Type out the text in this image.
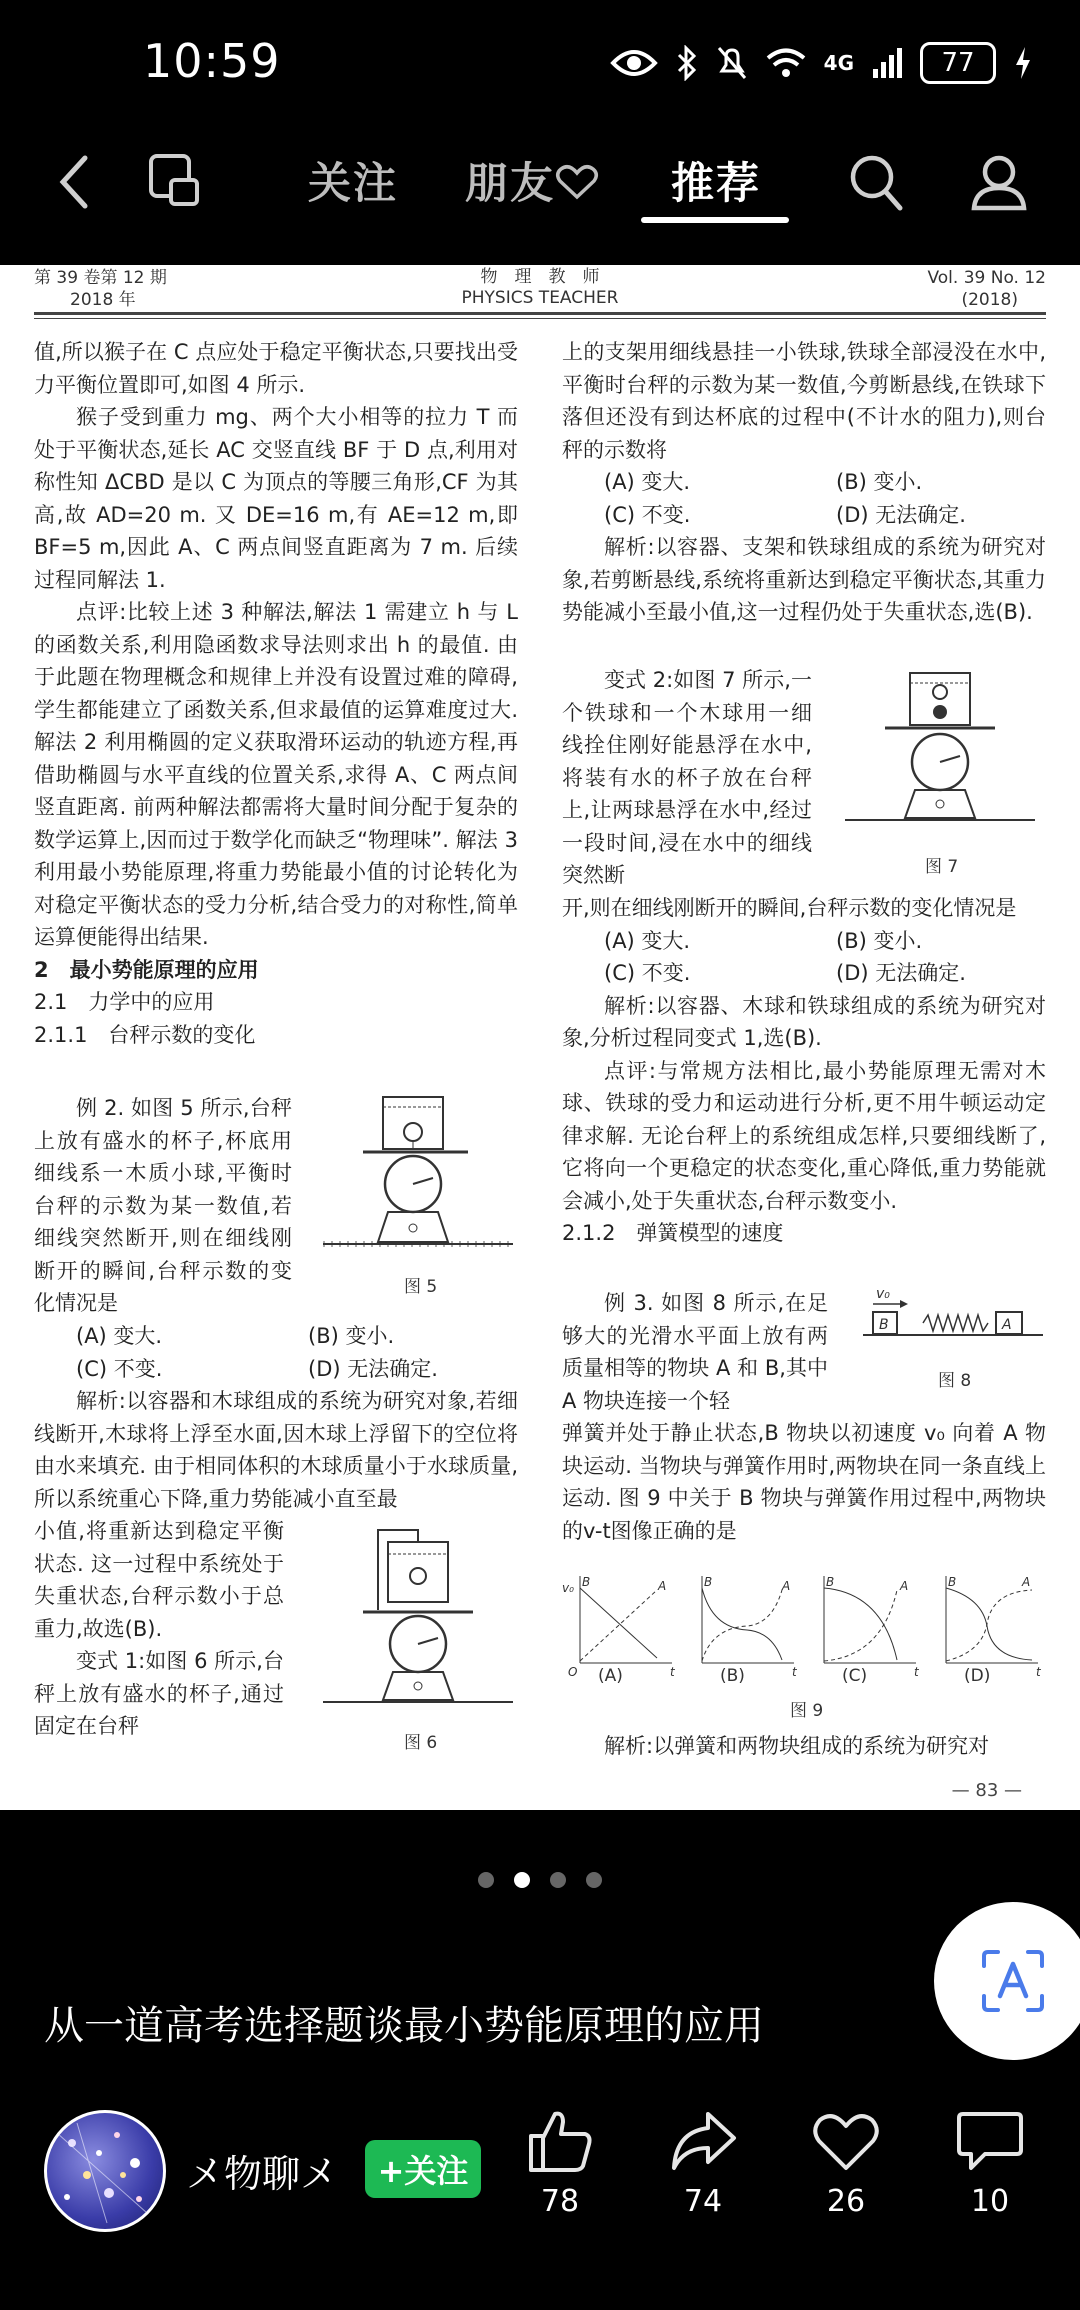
10:59	4G	77
关注 朋友	推荐
第 39 卷第 12 期
2018 年
物　理　教　师
PHYSICS TEACHER
Vol. 39 No. 12
(2018)

值,所以猴子在 C 点应处于稳定平衡状态,只要找出受力平衡位置即可,如图 4 所示.

猴子受到重力 mg、两个大小相等的拉力 T 而处于平衡状态,延长 AC 交竖直线 BF 于 D 点,利用对称性知 ΔCBD 是以 C 为顶点的等腰三角形,CF 为其高,故 AD=20 m. 又 DE=16 m,有 AE=12 m,即 BF=5 m,因此 A、C 两点间竖直距离为 7 m. 后续过程同解法 1.

点评:比较上述 3 种解法,解法 1 需建立 h 与 L 的函数关系,利用隐函数求导法则求出 h 的最值. 由于此题在物理概念和规律上并没有设置过难的障碍,学生都能建立了函数关系,但求最值的运算难度过大. 解法 2 利用椭圆的定义获取滑环运动的轨迹方程,再借助椭圆与水平直线的位置关系,求得 A、C 两点间竖直距离. 前两种解法都需将大量时间分配于复杂的数学运算上,因而过于数学化而缺乏“物理味”. 解法 3 利用最小势能原理,将重力势能最小值的讨论转化为对稳定平衡状态的受力分析,结合受力的对称性,简单运算便能得出结果.

2　最小势能原理的应用

2.1　力学中的应用

2.1.1　台秤示数的变化

例 2. 如图 5 所示,台秤上放有盛水的杯子,杯底用细线系一木质小球,平衡时台秤的示数为某一数值,若细线突然断开,则在细线刚断开的瞬间,台秤示数的变化情况是

图 5
(A) 变大.	(B) 变小.
(C) 不变.	(D) 无法确定.

解析:以容器和木球组成的系统为研究对象,若细线断开,木球将上浮至水面,因木球上浮留下的空位将由水来填充. 由于相同体积的木球质量小于水球质量,所以系统重心下降,重力势能减小直至最

小值,将重新达到稳定平衡状态. 这一过程中系统处于失重状态,台秤示数小于总重力,故选(B).

变式 1:如图 6 所示,台秤上放有盛水的杯子,通过固定在台秤

图 6

上的支架用细线悬挂一小铁球,铁球全部浸没在水中,平衡时台秤的示数为某一数值,今剪断悬线,在铁球下落但还没有到达杯底的过程中(不计水的阻力),则台秤的示数将

(A) 变大.	(B) 变小.
(C) 不变.	(D) 无法确定.

解析:以容器、支架和铁球组成的系统为研究对象,若剪断悬线,系统将重新达到稳定平衡状态,其重力势能减小至最小值,这一过程仍处于失重状态,选(B).

变式 2:如图 7 所示,一个铁球和一个木球用一细线拴住刚好能悬浮在水中,将装有水的杯子放在台秤上,让两球悬浮在水中,经过一段时间,浸在水中的细线突然断	图 7

开,则在细线刚断开的瞬间,台秤示数的变化情况是

(A) 变大.	(B) 变小.
(C) 不变.	(D) 无法确定.

解析:以容器、木球和铁球组成的系统为研究对象,分析过程同变式 1,选(B).

点评:与常规方法相比,最小势能原理无需对木球、铁球的受力和运动进行分析,更不用牛顿运动定律求解. 无论台秤上的系统组成怎样,只要细线断了,它将向一个更稳定的状态变化,重心降低,重力势能就会减小,处于失重状态,台秤示数变小.

2.1.2　弹簧模型的速度

例 3. 如图 8 所示,在足够大的光滑水平面上放有两质量相等的物块 A 和 B,其中 A 物块连接一个轻

v₀
B	A
图 8

弹簧并处于静止状态,B 物块以初速度 v₀ 向着 A 物块运动. 当物块与弹簧作用时,两物块在同一条直线上运动. 图 9 中关于 B 物块与弹簧作用过程中,两物块的v-t图像正确的是

v₀ B	A
O	t
B	A
t
B	A
t
B	A
t
(A)	(B)	(C)	(D)
图 9

解析:以弹簧和两物块组成的系统为研究对

— 83 —
从一道高考选择题谈最小势能原理的应用
メ物聊メ	+关注
78	74	26	10
